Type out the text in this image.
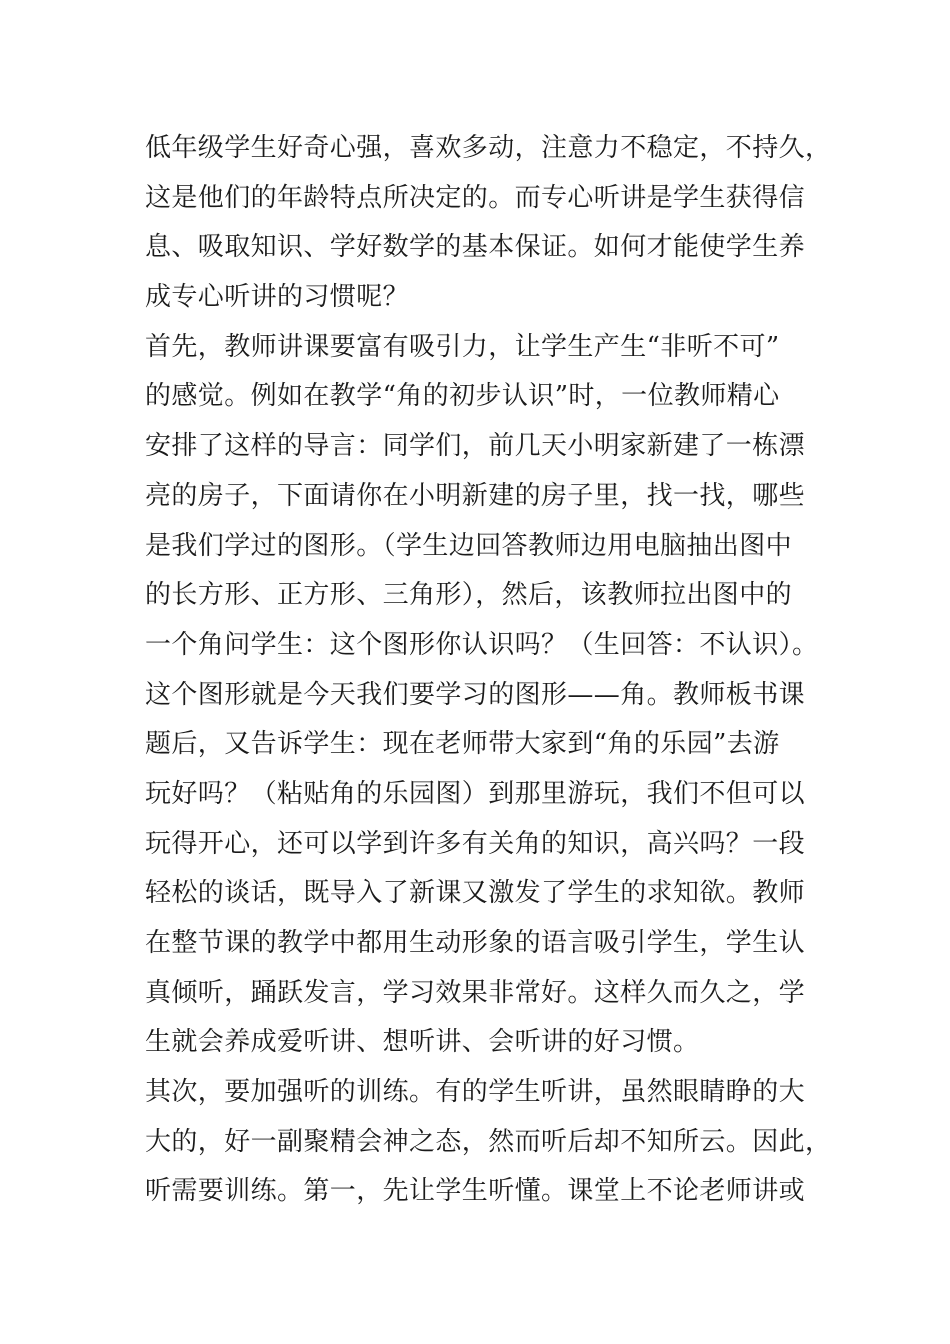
低年级学生好奇心强，喜欢多动，注意力不稳定，不持久，
这是他们的年龄特点所决定的。而专心听讲是学生获得信
息、吸取知识、学好数学的基本保证。如何才能使学生养
成专心听讲的习惯呢？
首先，教师讲课要富有吸引力，让学生产生“非听不可”
的感觉。例如在教学“角的初步认识”时，一位教师精心
安排了这样的导言：同学们，前几天小明家新建了一栋漂
亮的房子，下面请你在小明新建的房子里，找一找，哪些
是我们学过的图形。（学生边回答教师边用电脑抽出图中
的长方形、正方形、三角形），然后，该教师拉出图中的
一个角问学生：这个图形你认识吗？（生回答：不认识）。
这个图形就是今天我们要学习的图形——角。教师板书课
题后，又告诉学生：现在老师带大家到“角的乐园”去游
玩好吗？（粘贴角的乐园图）到那里游玩，我们不但可以
玩得开心，还可以学到许多有关角的知识，高兴吗？一段
轻松的谈话，既导入了新课又激发了学生的求知欲。教师
在整节课的教学中都用生动形象的语言吸引学生，学生认
真倾听，踊跃发言，学习效果非常好。这样久而久之，学
生就会养成爱听讲、想听讲、会听讲的好习惯。
其次，要加强听的训练。有的学生听讲，虽然眼睛睁的大
大的，好一副聚精会神之态，然而听后却不知所云。因此，
听需要训练。第一，先让学生听懂。课堂上不论老师讲或
